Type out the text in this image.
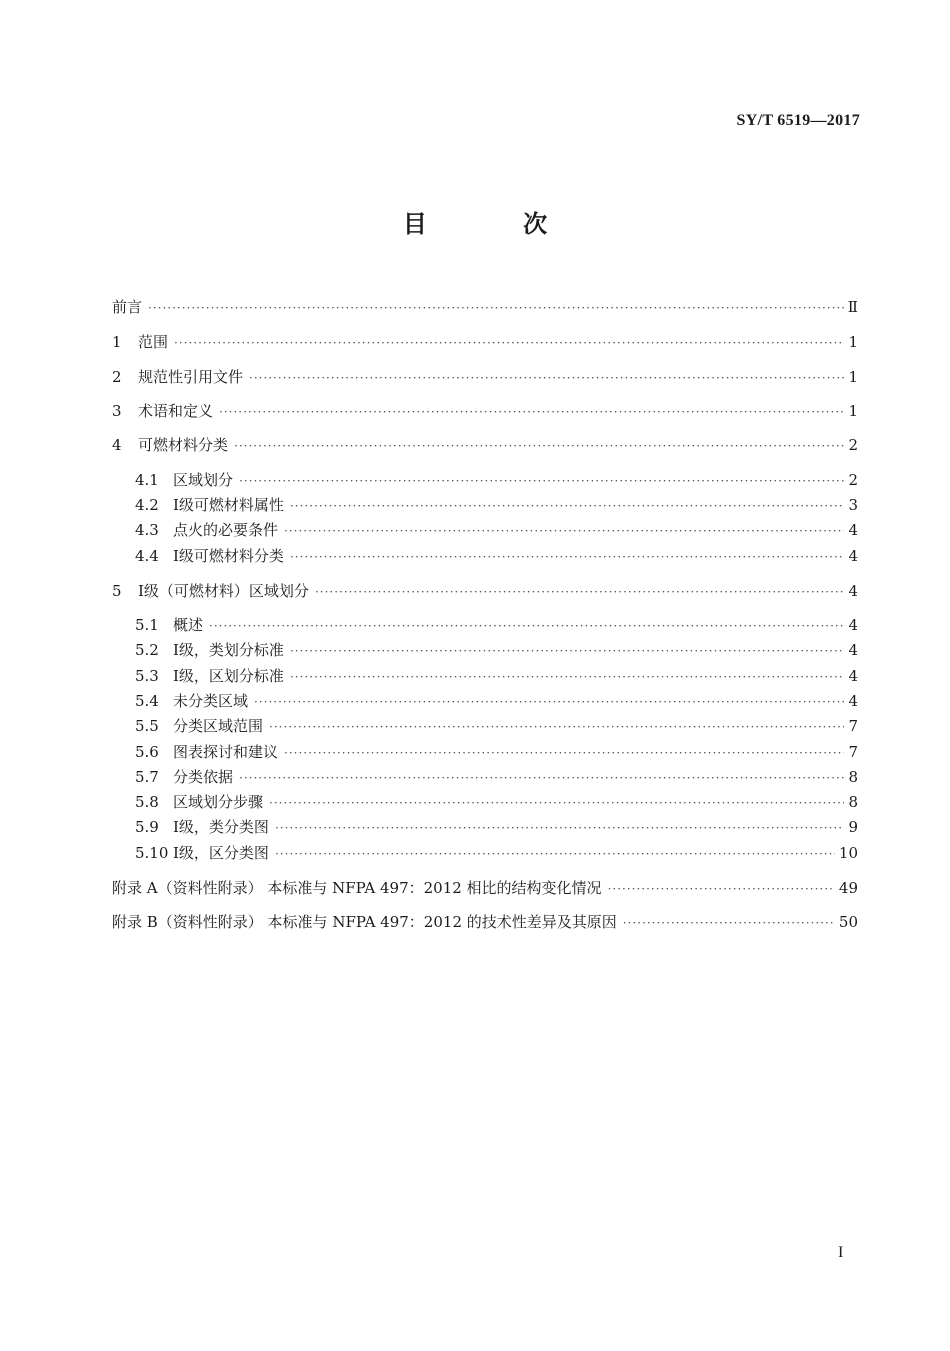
SY/T 6519—2017
目 次
前言 ·····	Ⅱ
1	范围 ·····	1
2	规范性引用文件 ·····	1
3	术语和定义 ·····	1
4	可燃材料分类 ·····	2
4.1 区域划分 ·····	2
4.2 Ⅰ级可燃材料属性 ·····	3
4.3 点火的必要条件 ·····	4
4.4 Ⅰ级可燃材料分类 ·····	4
5	Ⅰ级（可燃材料）区域划分 ·····	4
5.1 概述 ·····	4
5.2 Ⅰ级，类划分标准 ·····	4
5.3 Ⅰ级，区划分标准 ·····	4
5.4 未分类区域 ·····	4
5.5 分类区域范围 ·····	7
5.6 图表探讨和建议 ·····	7
5.7 分类依据 ·····	8
5.8 区域划分步骤 ·····	8
5.9 Ⅰ级，类分类图 ·····	9
5.10 Ⅰ级，区分类图 ·····	10
附录 A（资料性附录） 本标准与 NFPA 497：2012 相比的结构变化情况 ·····	49
附录 B（资料性附录） 本标准与 NFPA 497：2012 的技术性差异及其原因 ·····	50
I
